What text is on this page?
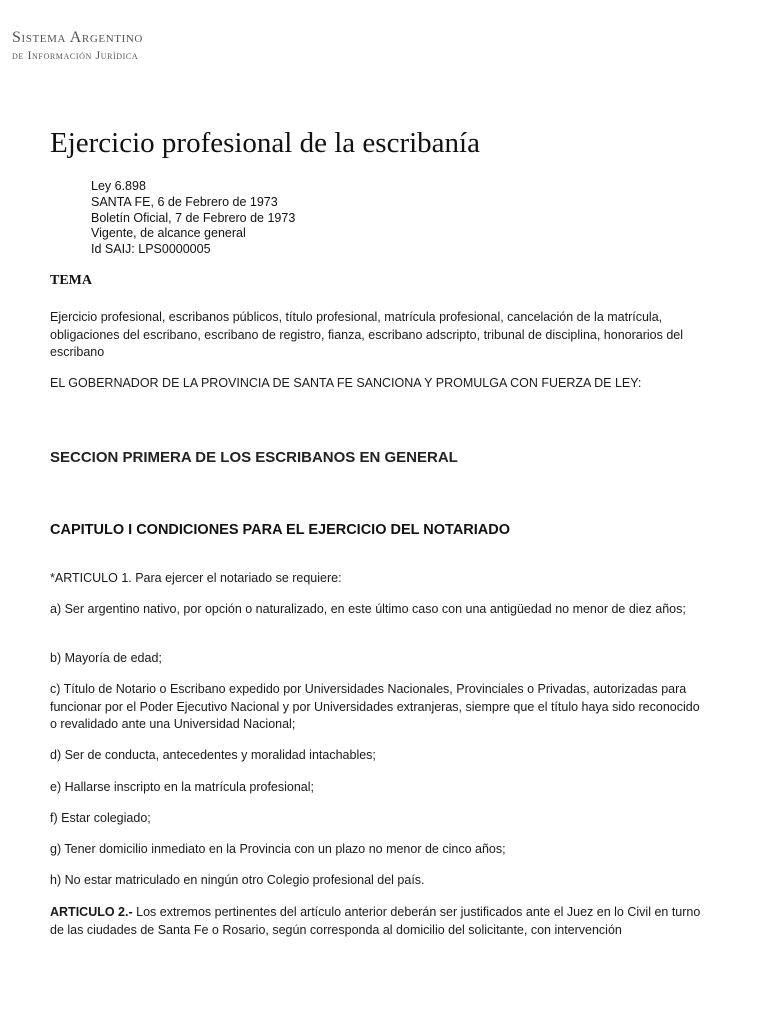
Sistema Argentino
de Información Jurídica
Ejercicio profesional de la escribanía
Ley 6.898
SANTA FE, 6 de Febrero de 1973
Boletín Oficial, 7 de Febrero de 1973
Vigente, de alcance general
Id SAIJ: LPS0000005
TEMA

Ejercicio profesional, escribanos públicos, título profesional, matrícula profesional, cancelación de la matrícula, obligaciones del escribano, escribano de registro, fianza, escribano adscripto, tribunal de disciplina, honorarios del escribano

EL GOBERNADOR DE LA PROVINCIA DE SANTA FE SANCIONA Y PROMULGA CON FUERZA DE LEY:

SECCION PRIMERA DE LOS ESCRIBANOS EN GENERAL
CAPITULO I CONDICIONES PARA EL EJERCICIO DEL NOTARIADO

*ARTICULO 1. Para ejercer el notariado se requiere:

a) Ser argentino nativo, por opción o naturalizado, en este último caso con una antigüedad no menor de diez años;

b) Mayoría de edad;

c) Título de Notario o Escribano expedido por Universidades Nacionales, Provinciales o Privadas, autorizadas para funcionar por el Poder Ejecutivo Nacional y por Universidades extranjeras, siempre que el título haya sido reconocido o revalidado ante una Universidad Nacional;

d) Ser de conducta, antecedentes y moralidad intachables;

e) Hallarse inscripto en la matrícula profesional;

f) Estar colegiado;

g) Tener domicilio inmediato en la Provincia con un plazo no menor de cinco años;

h) No estar matriculado en ningún otro Colegio profesional del país.

ARTICULO 2.- Los extremos pertinentes del artículo anterior deberán ser justificados ante el Juez en lo Civil en turno de las ciudades de Santa Fe o Rosario, según corresponda al domicilio del solicitante, con intervención
